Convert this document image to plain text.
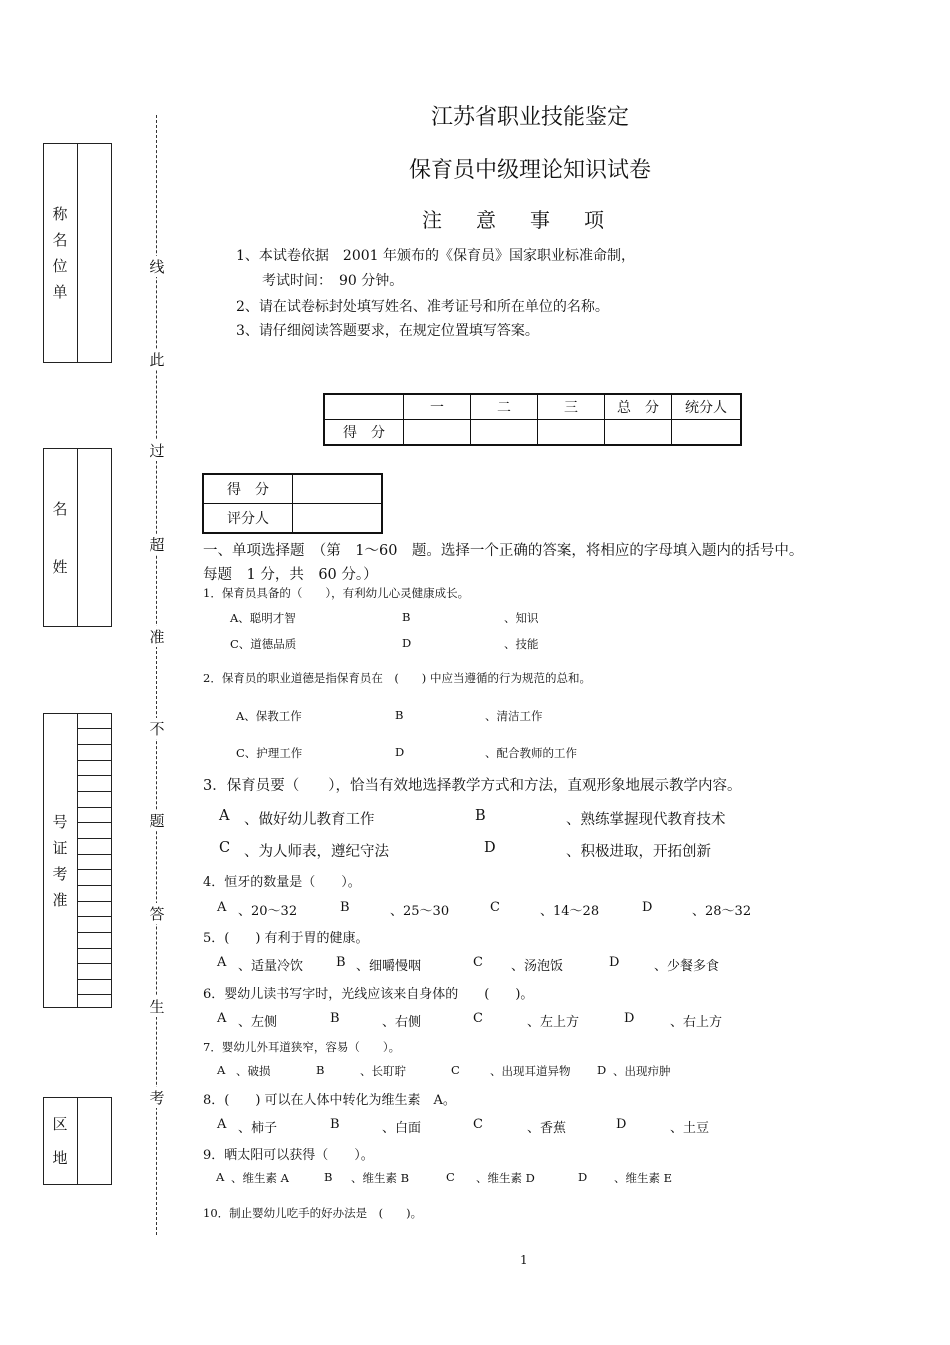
称
名
位
单
名
姓
号
证
考
准
区
地
线
此
过
超
准
不
题
答
生
考
江苏省职业技能鉴定
保育员中级理论知识试卷
注意事项
1、本试卷依据　2001 年颁布的《保育员》国家职业标准命制，
考试时间：　90 分钟。
2、请在试卷标封处填写姓名、准考证号和所在单位的名称。
3、请仔细阅读答题要求，在规定位置填写答案。
	一	二	三	总　分	统分人
得　分					
得　分	
评分人	
一、单项选择题　（第　1～60　题。选择一个正确的答案，将相应的字母填入题内的括号中。
每题　1 分，共　60 分。）
1．保育员具备的（　　），有利幼儿心灵健康成长。
A、聪明才智	B	、知识
C、道德品质	D	、技能
2．保育员的职业道德是指保育员在　(　　) 中应当遵循的行为规范的总和。
A、保教工作	B	、清洁工作
C、护理工作	D	、配合教师的工作
3．保育员要（　　），恰当有效地选择教学方式和方法，直观形象地展示教学内容。
A 、做好幼儿教育工作	B	、熟练掌握现代教育技术
C 、为人师表，遵纪守法	D	、积极进取，开拓创新
4．恒牙的数量是（　　）。
A 、20～32	B	、25～30	C	、14～28	D	、28～32
5．(　　) 有利于胃的健康。
A 、适量冷饮	B 、细嚼慢咽	C 、汤泡饭	D	、少餐多食
6．婴幼儿读书写字时，光线应该来自身体的　　(　　)。
A 、左侧	B	、右侧	C	、左上方	D	、右上方
7．婴幼儿外耳道狭窄，容易（　　）。
A 、破损	B	、长耵聍	C	、出现耳道异物 D 、出现疖肿
8．(　　) 可以在人体中转化为维生素　A。
A 、柿子	B	、白面	C	、香蕉	D	、土豆
9．晒太阳可以获得（　　）。
A 、维生素 A	B 、维生素 B	C 、维生素 D	D 、维生素 E
10．制止婴幼儿吃手的好办法是　(　　)。
1
